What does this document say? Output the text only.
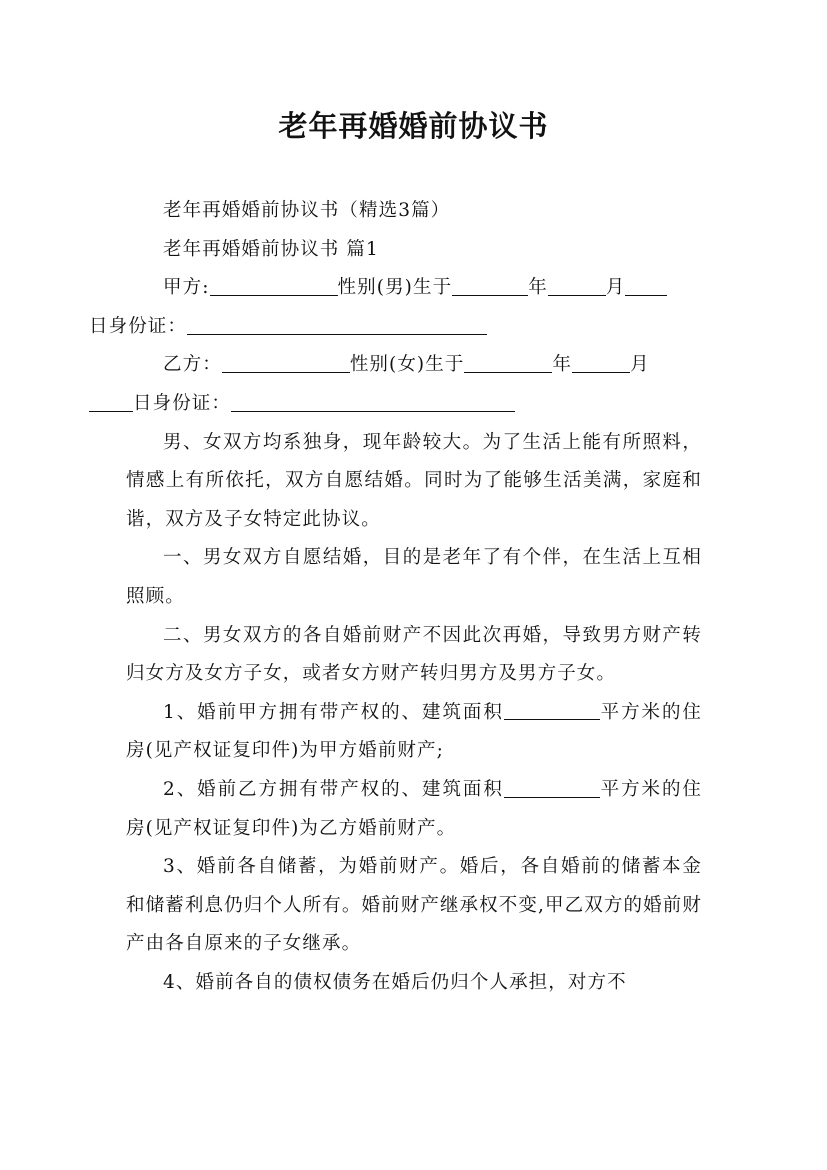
老年再婚婚前协议书

老年再婚婚前协议书（精选3篇）

老年再婚婚前协议书 篇1

甲方:	性别(男)生于	年	月
日身份证：

乙方：	性别(女)生于	年	月
日身份证：

男、女双方均系独身，现年龄较大。为了生活上能有所照料，情感上有所依托，双方自愿结婚。同时为了能够生活美满，家庭和谐，双方及子女特定此协议。

一、男女双方自愿结婚，目的是老年了有个伴，在生活上互相照顾。

二、男女双方的各自婚前财产不因此次再婚，导致男方财产转归女方及女方子女，或者女方财产转归男方及男方子女。

1、婚前甲方拥有带产权的、建筑面积	平方米的住房(见产权证复印件)为甲方婚前财产;

2、婚前乙方拥有带产权的、建筑面积	平方米的住房(见产权证复印件)为乙方婚前财产。

3、婚前各自储蓄，为婚前财产。婚后，各自婚前的储蓄本金和储蓄利息仍归个人所有。婚前财产继承权不变,甲乙双方的婚前财产由各自原来的子女继承。

4、婚前各自的债权债务在婚后仍归个人承担，对方不
